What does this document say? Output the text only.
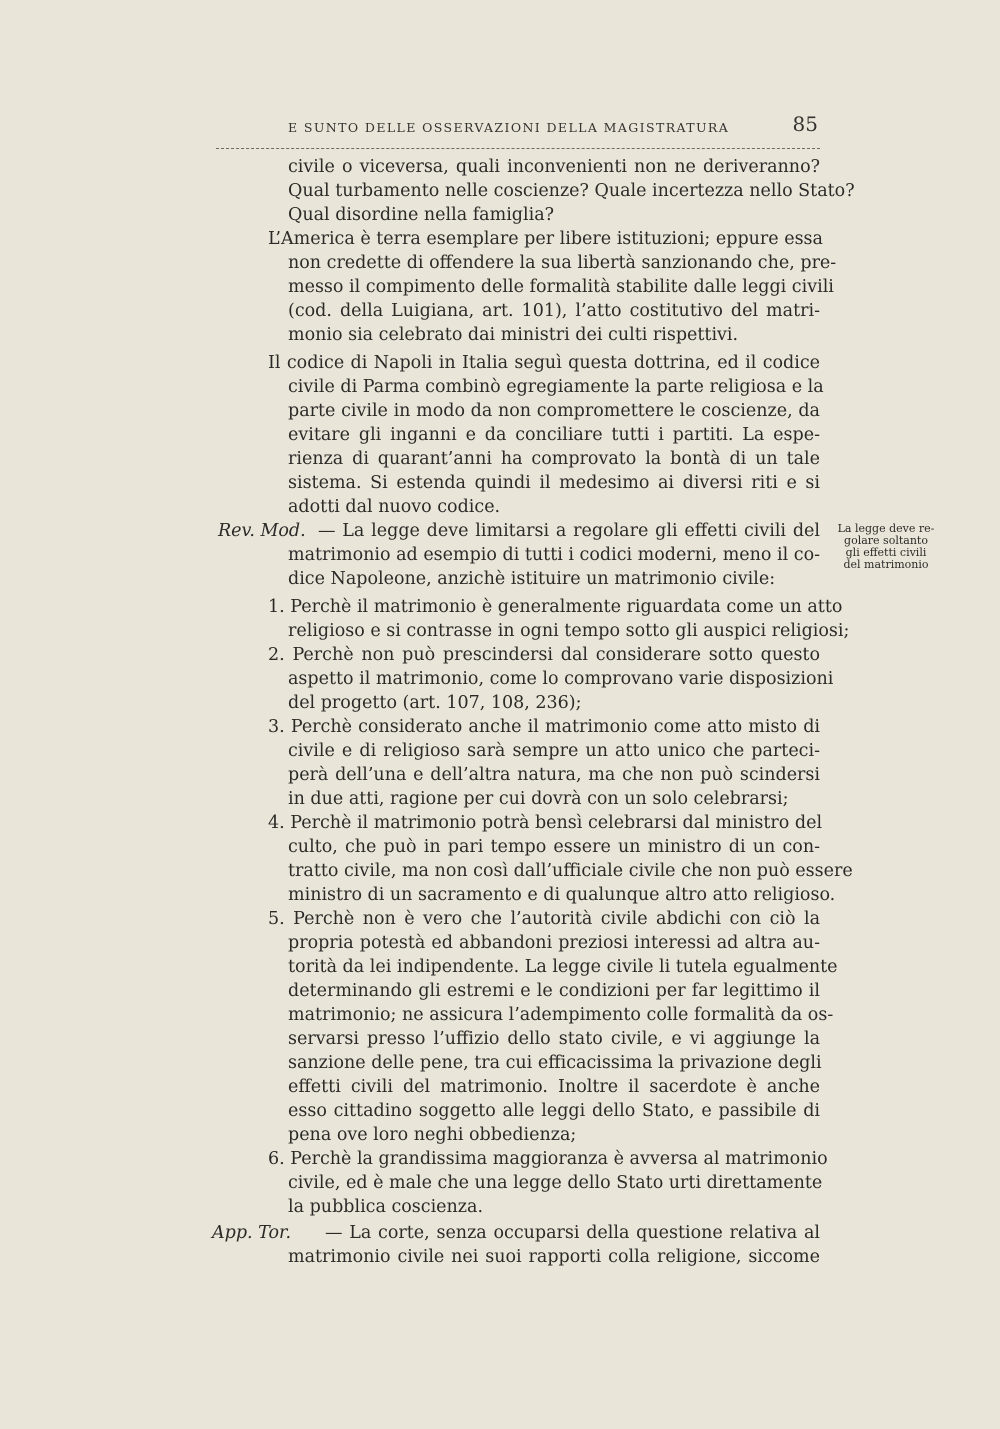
E SUNTO DELLE OSSERVAZIONI DELLA MAGISTRATURA	85
civile o viceversa, quali inconvenienti non ne deriveranno?
Qual turbamento nelle coscienze? Quale incertezza nello Stato?
Qual disordine nella famiglia?
L’America è terra esemplare per libere istituzioni; eppure essa
non credette di offendere la sua libertà sanzionando che, pre-
messo il compimento delle formalità stabilite dalle leggi civili
(cod. della Luigiana, art. 101), l’atto costitutivo del matri-
monio sia celebrato dai ministri dei culti rispettivi.
Il codice di Napoli in Italia seguì questa dottrina, ed il codice
civile di Parma combinò egregiamente la parte religiosa e la
parte civile in modo da non compromettere le coscienze, da
evitare gli inganni e da conciliare tutti i partiti. La espe-
rienza di quarant’anni ha comprovato la bontà di un tale
sistema. Si estenda quindi il medesimo ai diversi riti e si
adotti dal nuovo codice.
Rev. Mod. — La legge deve limitarsi a regolare gli effetti civili del
matrimonio ad esempio di tutti i codici moderni, meno il co-
dice Napoleone, anzichè istituire un matrimonio civile:
1. Perchè il matrimonio è generalmente riguardata come un atto
religioso e si contrasse in ogni tempo sotto gli auspici religiosi;
2. Perchè non può prescindersi dal considerare sotto questo
aspetto il matrimonio, come lo comprovano varie disposizioni
del progetto (art. 107, 108, 236);
3. Perchè considerato anche il matrimonio come atto misto di
civile e di religioso sarà sempre un atto unico che parteci-
perà dell’una e dell’altra natura, ma che non può scindersi
in due atti, ragione per cui dovrà con un solo celebrarsi;
4. Perchè il matrimonio potrà bensì celebrarsi dal ministro del
culto, che può in pari tempo essere un ministro di un con-
tratto civile, ma non così dall’ufficiale civile che non può essere
ministro di un sacramento e di qualunque altro atto religioso.
5. Perchè non è vero che l’autorità civile abdichi con ciò la
propria potestà ed abbandoni preziosi interessi ad altra au-
torità da lei indipendente. La legge civile li tutela egualmente
determinando gli estremi e le condizioni per far legittimo il
matrimonio; ne assicura l’adempimento colle formalità da os-
servarsi presso l’uffizio dello stato civile, e vi aggiunge la
sanzione delle pene, tra cui efficacissima la privazione degli
effetti civili del matrimonio. Inoltre il sacerdote è anche
esso cittadino soggetto alle leggi dello Stato, e passibile di
pena ove loro neghi obbedienza;
6. Perchè la grandissima maggioranza è avversa al matrimonio
civile, ed è male che una legge dello Stato urti direttamente
la pubblica coscienza.
App. Tor. — La corte, senza occuparsi della questione relativa al
matrimonio civile nei suoi rapporti colla religione, siccome
La legge deve re-
golare soltanto
gli effetti civili
del matrimonio
